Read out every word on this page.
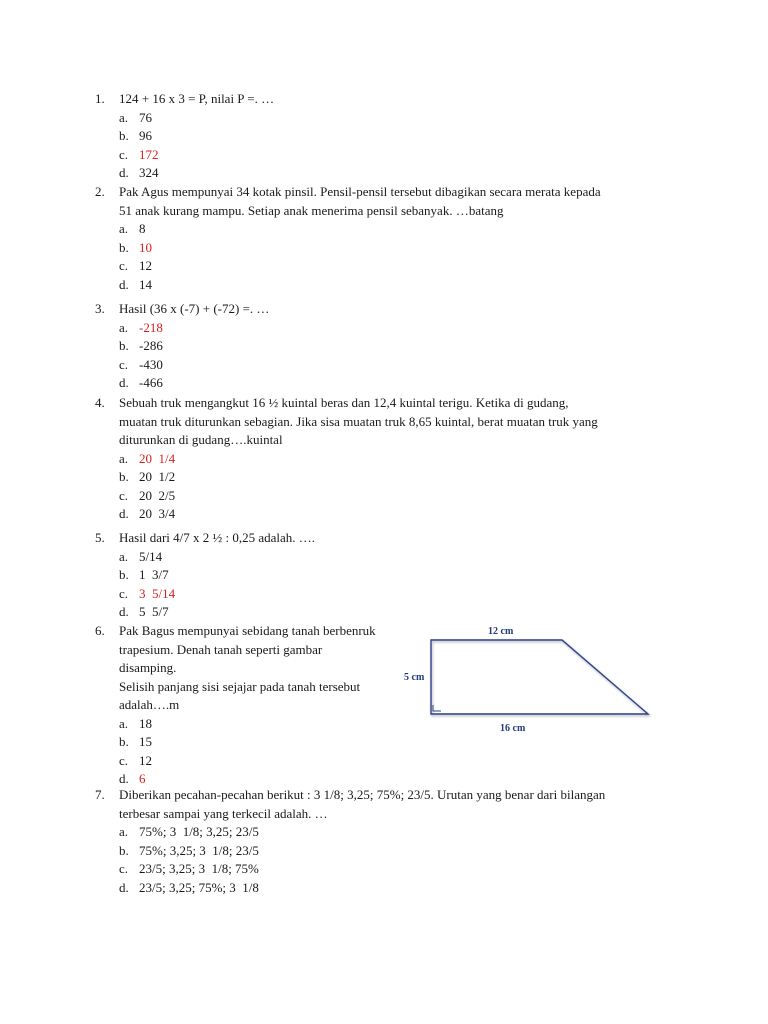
1.	124 + 16 x 3 = P, nilai P =. …
a. 76
b. 96
c. 172
d. 324
2.	Pak Agus mempunyai 34 kotak pinsil. Pensil-pensil tersebut dibagikan secara merata kepada
51 anak kurang mampu. Setiap anak menerima pensil sebanyak. …batang
a. 8
b. 10
c. 12
d. 14
3.	Hasil (36 x (-7) + (-72) =. …
a. -218
b. -286
c. -430
d. -466
4.	Sebuah truk mengangkut 16 ½ kuintal beras dan 12,4 kuintal terigu. Ketika di gudang,
muatan truk diturunkan sebagian. Jika sisa muatan truk 8,65 kuintal, berat muatan truk yang
diturunkan di gudang….kuintal
a. 20  1/4
b. 20  1/2
c. 20  2/5
d. 20  3/4
5.	Hasil dari 4/7 x 2 ½ : 0,25 adalah. ….
a. 5/14
b. 1  3/7
c. 3  5/14
d. 5  5/7
6.	Pak Bagus mempunyai sebidang tanah berbenruk
trapesium. Denah tanah seperti gambar
disamping.
Selisih panjang sisi sejajar pada tanah tersebut
adalah….m
a. 18
b. 15
c. 12
d. 6
12 cm
5 cm
16 cm
7.	Diberikan pecahan-pecahan berikut : 3 1/8; 3,25; 75%; 23/5. Urutan yang benar dari bilangan
terbesar sampai yang terkecil adalah. …
a. 75%; 3  1/8; 3,25; 23/5
b. 75%; 3,25; 3  1/8; 23/5
c. 23/5; 3,25; 3  1/8; 75%
d. 23/5; 3,25; 75%; 3  1/8
